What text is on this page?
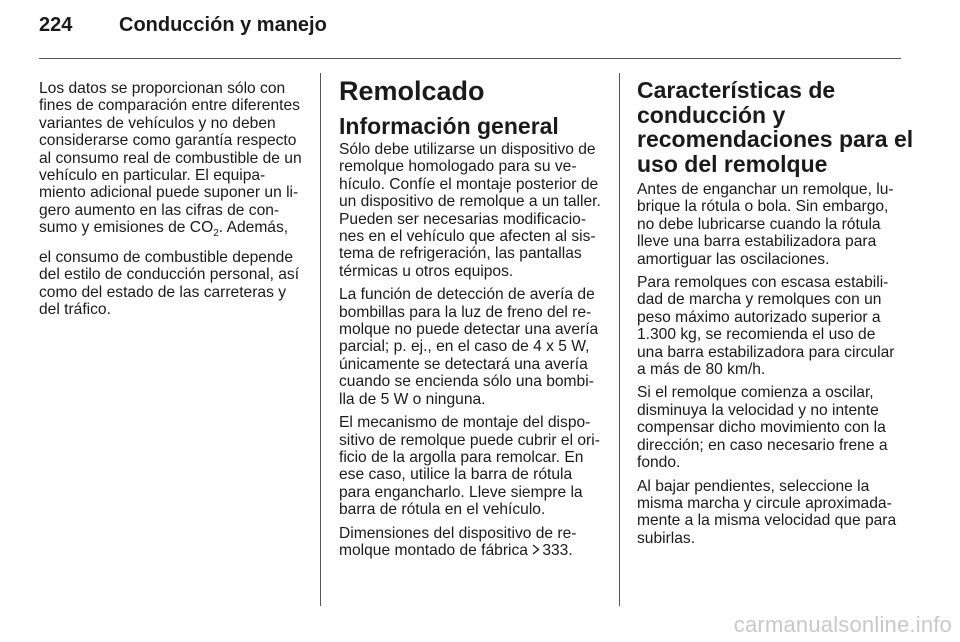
224	Conducción y manejo

Los datos se proporcionan sólo con
fines de comparación entre diferentes
variantes de vehículos y no deben
considerarse como garantía respecto
al consumo real de combustible de un
vehículo en particular. El equipa-
miento adicional puede suponer un li-
gero aumento en las cifras de con-
sumo y emisiones de $CO_2$. Además,

el consumo de combustible depende
del estilo de conducción personal, así
como del estado de las carreteras y
del tráfico.

Remolcado
Información general

Sólo debe utilizarse un dispositivo de
remolque homologado para su ve-
hículo. Confíe el montaje posterior de
un dispositivo de remolque a un taller.
Pueden ser necesarias modificacio-
nes en el vehículo que afecten al sis-
tema de refrigeración, las pantallas
térmicas u otros equipos.

La función de detección de avería de
bombillas para la luz de freno del re-
molque no puede detectar una avería
parcial; p. ej., en el caso de 4 x 5 W,
únicamente se detectará una avería
cuando se encienda sólo una bombi-
lla de 5 W o ninguna.

El mecanismo de montaje del dispo-
sitivo de remolque puede cubrir el ori-
ficio de la argolla para remolcar. En
ese caso, utilice la barra de rótula
para engancharlo. Lleve siempre la
barra de rótula en el vehículo.

Dimensiones del dispositivo de re-
molque montado de fábrica 333.

Características de
conducción y
recomendaciones para el
uso del remolque

Antes de enganchar un remolque, lu-
brique la rótula o bola. Sin embargo,
no debe lubricarse cuando la rótula
lleve una barra estabilizadora para
amortiguar las oscilaciones.

Para remolques con escasa estabili-
dad de marcha y remolques con un
peso máximo autorizado superior a
1.300 kg, se recomienda el uso de
una barra estabilizadora para circular
a más de 80 km/h.

Si el remolque comienza a oscilar,
disminuya la velocidad y no intente
compensar dicho movimiento con la
dirección; en caso necesario frene a
fondo.

Al bajar pendientes, seleccione la
misma marcha y circule aproximada-
mente a la misma velocidad que para
subirlas.

carmanualsonline.info
